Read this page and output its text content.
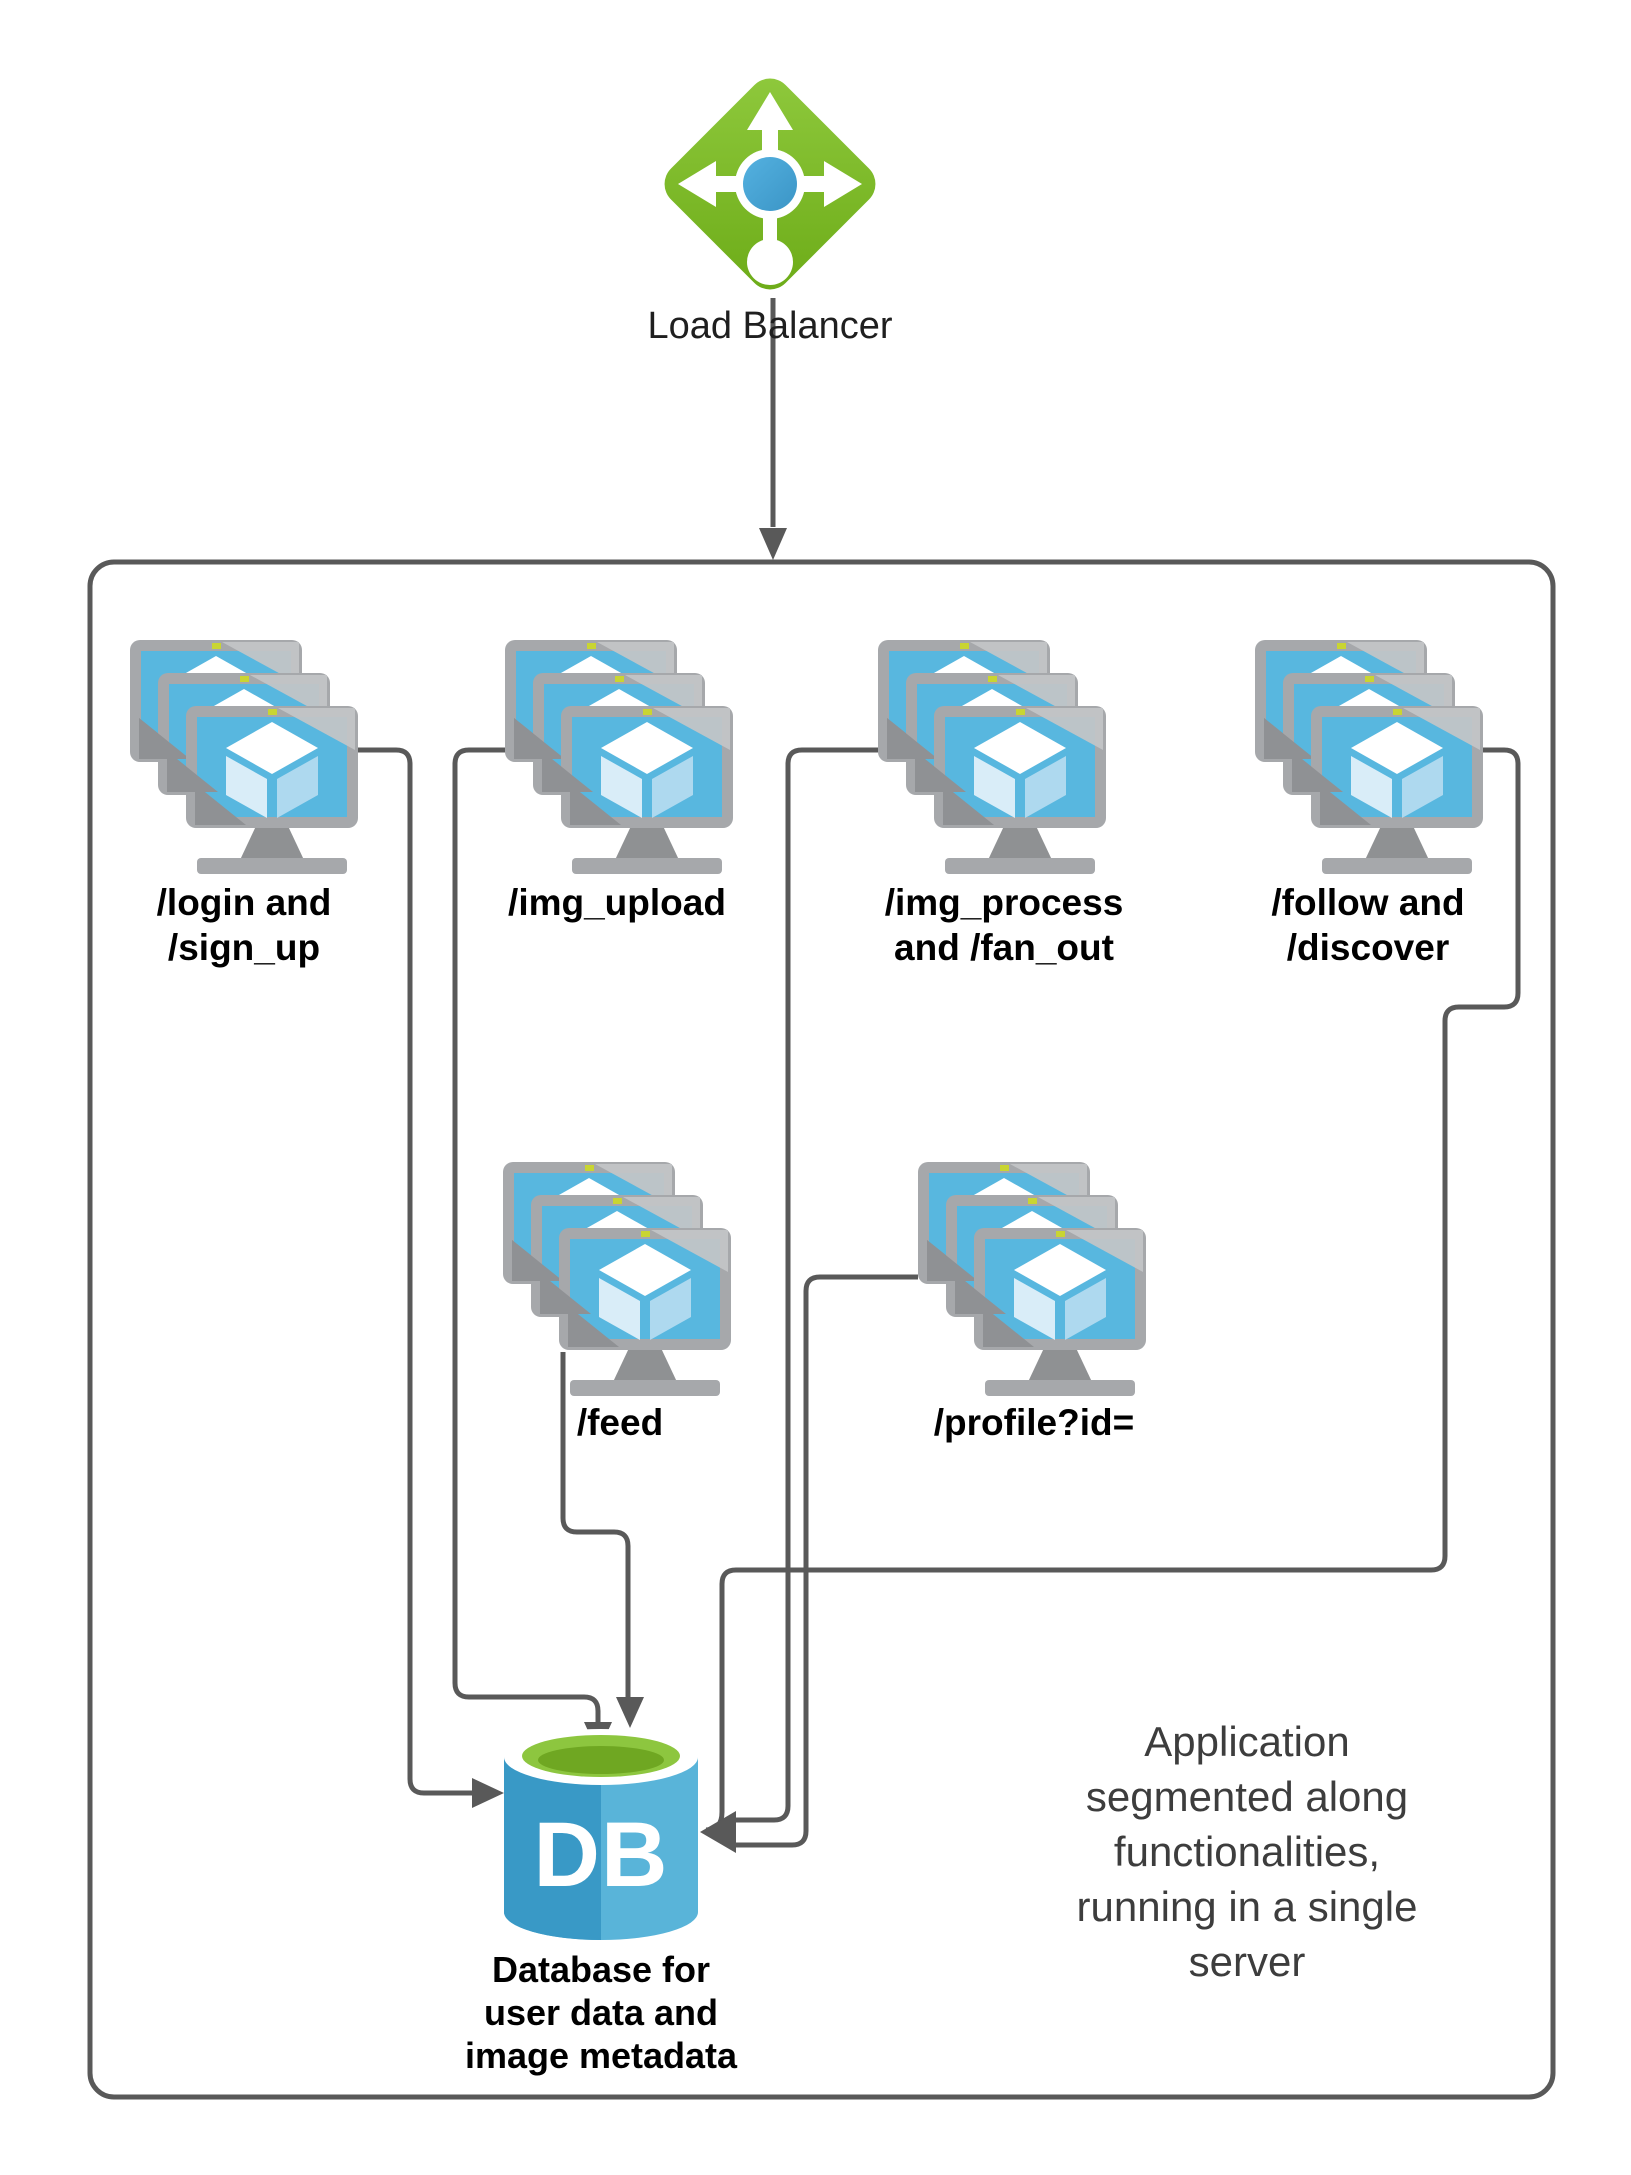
DB
Load Balancer
/login and
/sign_up
/img_upload	/img_process
and /fan_out
/follow and
/discover
/feed	/profile?id=
Database for
user data and
image metadata
Application
segmented along
functionalities,
running in a single
server
